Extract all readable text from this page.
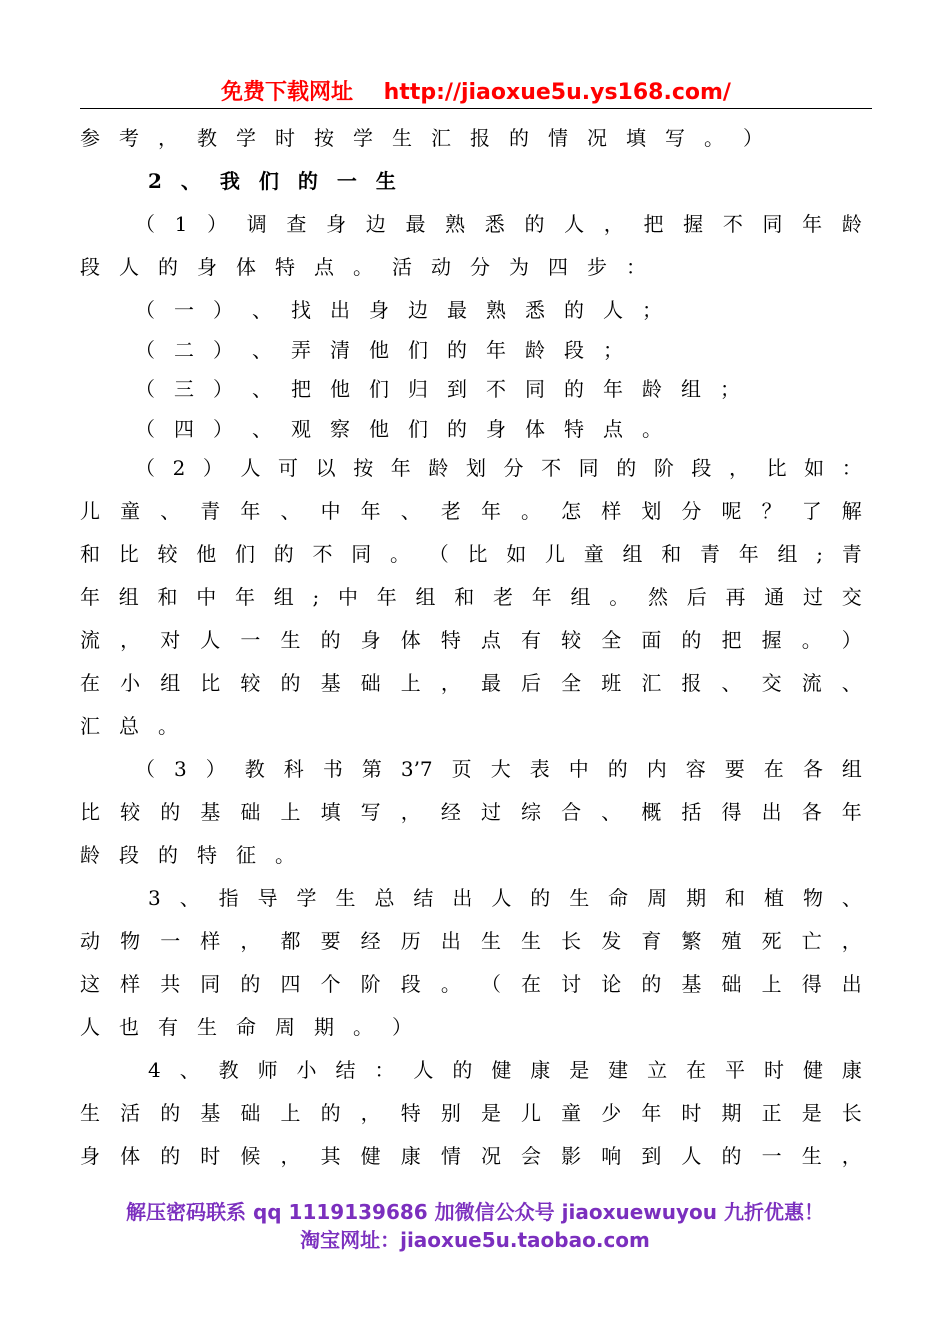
免费下载网址    http://jiaoxue5u.ys168.com/
参 考 ， 教 学 时 按 学 生 汇 报 的 情 况 填 写 。 ）
2 、 我 们 的 一 生
（ 1 ） 调 查 身 边 最 熟 悉 的 人 ， 把 握 不 同 年 龄
段 人 的 身 体 特 点 。 活 动 分 为 四 步 ：
（ 一 ） 、 找 出 身 边 最 熟 悉 的 人 ；
（ 二 ） 、 弄 清 他 们 的 年 龄 段 ；
（ 三 ） 、 把 他 们 归 到 不 同 的 年 龄 组 ；
（ 四 ） 、 观 察 他 们 的 身 体 特 点 。
（ 2 ） 人 可 以 按 年 龄 划 分 不 同 的 阶 段 ， 比 如 ：
儿 童 、 青 年 、 中 年 、 老 年 。 怎 样 划 分 呢 ？ 了 解
和 比 较 他 们 的 不 同 。 （ 比 如 儿 童 组 和 青 年 组 ; 青
年 组 和 中 年 组 ; 中 年 组 和 老 年 组 。 然 后 再 通 过 交
流 ， 对 人 一 生 的 身 体 特 点 有 较 全 面 的 把 握 。 ）
在 小 组 比 较 的 基 础 上 ， 最 后 全 班 汇 报 、 交 流 、
汇 总 。
（ 3 ） 教 科 书 第 3’7 页 大 表 中 的 内 容 要 在 各 组
比 较 的 基 础 上 填 写 ， 经 过 综 合 、 概 括 得 出 各 年
龄 段 的 特 征 。
3 、 指 导 学 生 总 结 出 人 的 生 命 周 期 和 植 物 、
动 物 一 样 ， 都 要 经 历 出 生 生 长 发 育 繁 殖 死 亡 ，
这 样 共 同 的 四 个 阶 段 。 （ 在 讨 论 的 基 础 上 得 出
人 也 有 生 命 周 期 。 ）
4 、 教 师 小 结 ： 人 的 健 康 是 建 立 在 平 时 健 康
生 活 的 基 础 上 的 ， 特 别 是 儿 童 少 年 时 期 正 是 长
身 体 的 时 候 ， 其 健 康 情 况 会 影 响 到 人 的 一 生 ，
解压密码联系 qq 1119139686 加微信公众号 jiaoxuewuyou 九折优惠！
淘宝网址：jiaoxue5u.taobao.com
